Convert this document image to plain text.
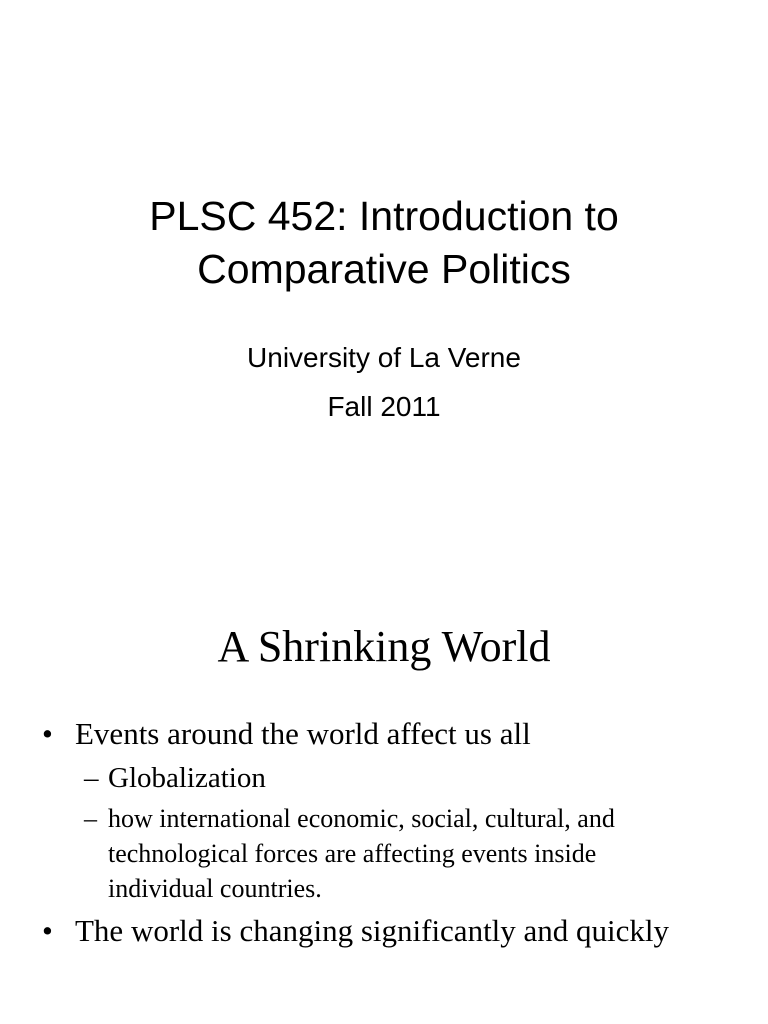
PLSC 452: Introduction to
Comparative Politics
University of La Verne
Fall 2011
A Shrinking World
• Events around the world affect us all
– Globalization
– how international economic, social, cultural, and technological forces are affecting events inside individual countries.
• The world is changing significantly and quickly
